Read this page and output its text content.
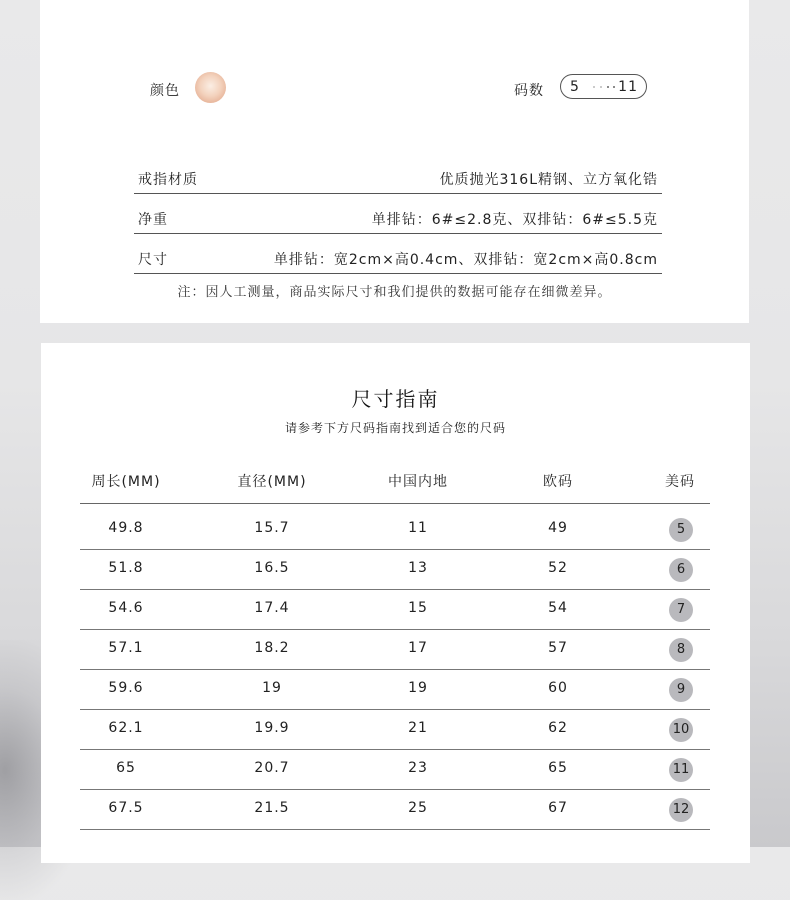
颜色	码数 5	11
戒指材质	优质抛光316L精钢、立方氧化锆
净重	单排钻：6#≤2.8克、双排钻：6#≤5.5克
尺寸	单排钻：宽2cm×高0.4cm、双排钻：宽2cm×高0.8cm
注：因人工测量，商品实际尺寸和我们提供的数据可能存在细微差异。
尺寸指南
请参考下方尺码指南找到适合您的尺码
周长(MM)	直径(MM)	中国内地	欧码	美码
49.8	15.7	11	49	5
51.8	16.5	13	52	6
54.6	17.4	15	54	7
57.1	18.2	17	57	8
59.6	19	19	60	9
62.1	19.9	21	62	10
65	20.7	23	65	11
67.5	21.5	25	67	12
